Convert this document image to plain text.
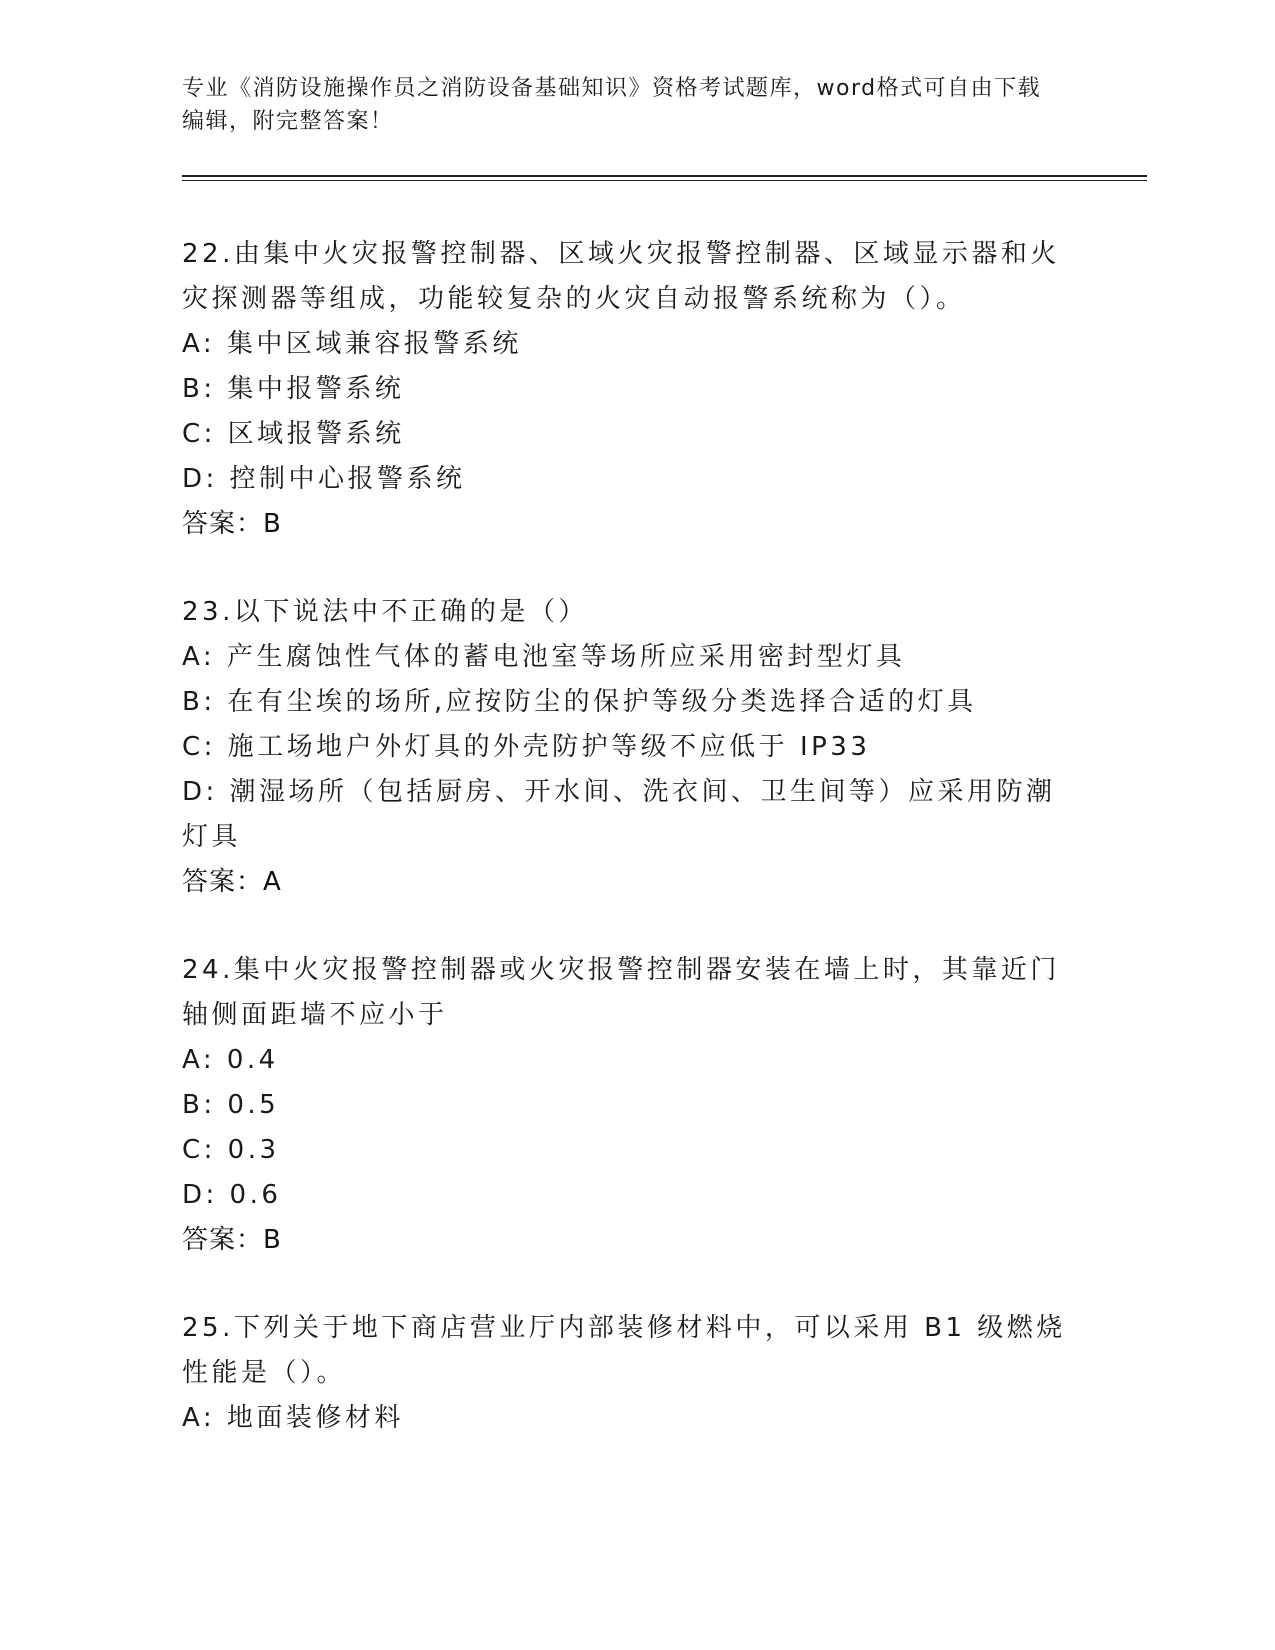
专业《消防设施操作员之消防设备基础知识》资格考试题库，word格式可自由下载编辑，附完整答案！

22.由集中火灾报警控制器、区域火灾报警控制器、区域显示器和火灾探测器等组成，功能较复杂的火灾自动报警系统称为（）。

A: 集中区域兼容报警系统

B: 集中报警系统

C: 区域报警系统

D: 控制中心报警系统

答案：B

23.以下说法中不正确的是（）

A: 产生腐蚀性气体的蓄电池室等场所应采用密封型灯具

B: 在有尘埃的场所,应按防尘的保护等级分类选择合适的灯具

C: 施工场地户外灯具的外壳防护等级不应低于 IP33

D: 潮湿场所（包括厨房、开水间、洗衣间、卫生间等）应采用防潮灯具

答案：A

24.集中火灾报警控制器或火灾报警控制器安装在墙上时，其靠近门轴侧面距墙不应小于

A: 0.4

B: 0.5

C: 0.3

D: 0.6

答案：B

25.下列关于地下商店营业厅内部装修材料中，可以采用 B1 级燃烧性能是（）。

A: 地面装修材料
